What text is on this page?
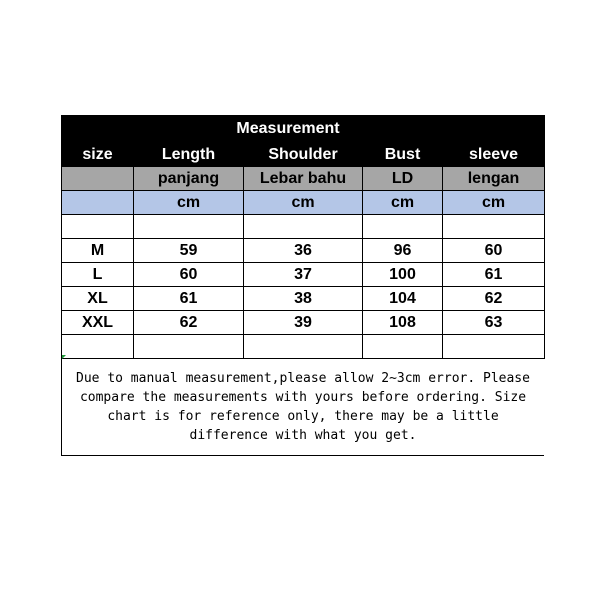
	Measurement			
size	Length	Shoulder	Bust	sleeve
	panjang	Lebar bahu	LD	lengan
	cm	cm	cm	cm

M	59	36	96	60
L	60	37	100	61
XL	61	38	104	62
XXL	62	39	108	63

Due to manual measurement,please allow 2~3cm error. Please
compare the measurements with yours before ordering. Size
chart is for reference only, there may be a little
difference with what you get.
